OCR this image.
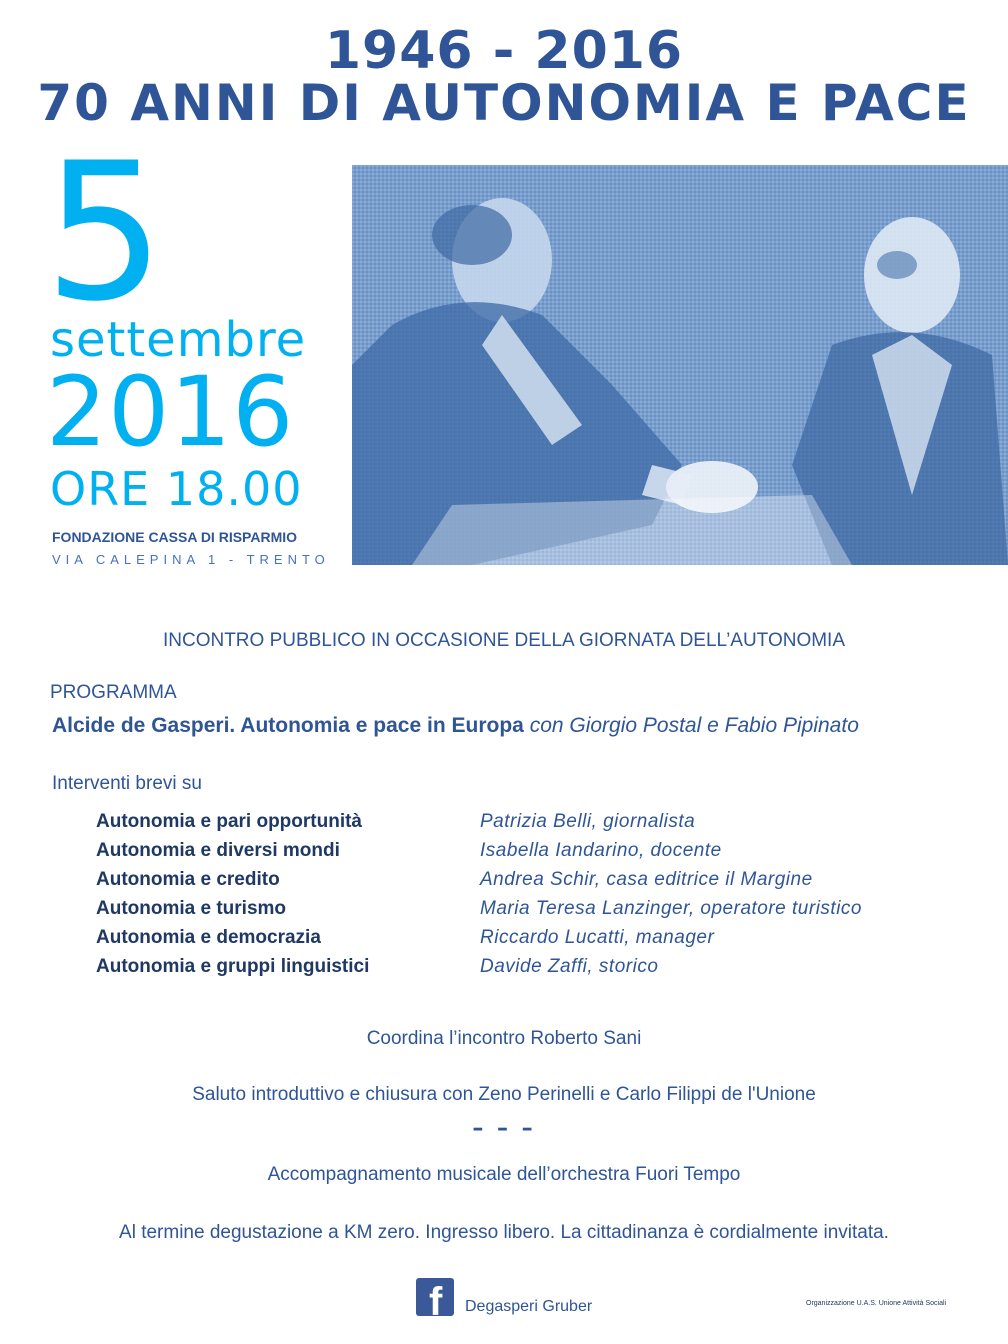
1946 - 2016
70 ANNI DI AUTONOMIA E PACE
5
settembre
2016
ORE 18.00
FONDAZIONE CASSA DI RISPARMIO
VIA CALEPINA 1 - TRENTO
INCONTRO PUBBLICO IN OCCASIONE DELLA GIORNATA DELL’AUTONOMIA
PROGRAMMA
Alcide de Gasperi. Autonomia e pace in Europa con Giorgio Postal e Fabio Pipinato
Interventi brevi su
Autonomia e pari opportunità	Patrizia Belli, giornalista
Autonomia e diversi mondi	Isabella Iandarino, docente
Autonomia e credito	Andrea Schir, casa editrice il Margine
Autonomia e turismo	Maria Teresa Lanzinger, operatore turistico
Autonomia e democrazia	Riccardo Lucatti, manager
Autonomia e gruppi linguistici	Davide Zaffi, storico
Coordina l’incontro Roberto Sani
Saluto introduttivo e chiusura con Zeno Perinelli e Carlo Filippi de l'Unione
– – –
Accompagnamento musicale dell’orchestra Fuori Tempo
Al termine degustazione a KM zero. Ingresso libero. La cittadinanza è cordialmente invitata.
f Degasperi Gruber	Organizzazione U.A.S. Unione Attività Sociali
